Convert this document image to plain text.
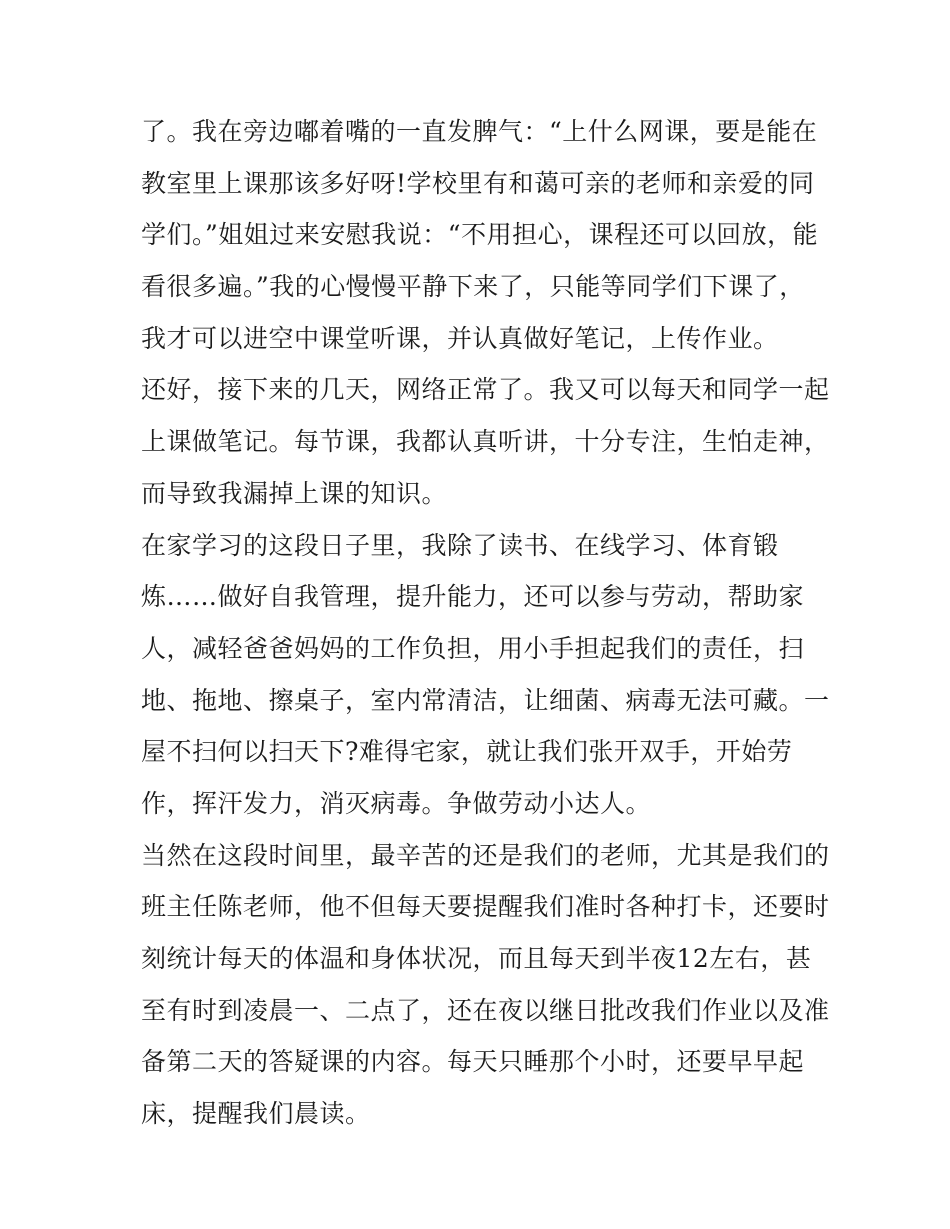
了。我在旁边嘟着嘴的一直发脾气：“上什么网课，要是能在
教室里上课那该多好呀!学校里有和蔼可亲的老师和亲爱的同
学们。”姐姐过来安慰我说：“不用担心，课程还可以回放，能
看很多遍。”我的心慢慢平静下来了，只能等同学们下课了，
我才可以进空中课堂听课，并认真做好笔记，上传作业。
还好，接下来的几天，网络正常了。我又可以每天和同学一起
上课做笔记。每节课，我都认真听讲，十分专注，生怕走神，
而导致我漏掉上课的知识。
在家学习的这段日子里，我除了读书、在线学习、体育锻
炼……做好自我管理，提升能力，还可以参与劳动，帮助家
人，减轻爸爸妈妈的工作负担，用小手担起我们的责任，扫
地、拖地、擦桌子，室内常清洁，让细菌、病毒无法可藏。一
屋不扫何以扫天下?难得宅家，就让我们张开双手，开始劳
作，挥汗发力，消灭病毒。争做劳动小达人。
当然在这段时间里，最辛苦的还是我们的老师，尤其是我们的
班主任陈老师，他不但每天要提醒我们准时各种打卡，还要时
刻统计每天的体温和身体状况，而且每天到半夜12左右，甚
至有时到凌晨一、二点了，还在夜以继日批改我们作业以及准
备第二天的答疑课的内容。每天只睡那个小时，还要早早起
床，提醒我们晨读。
